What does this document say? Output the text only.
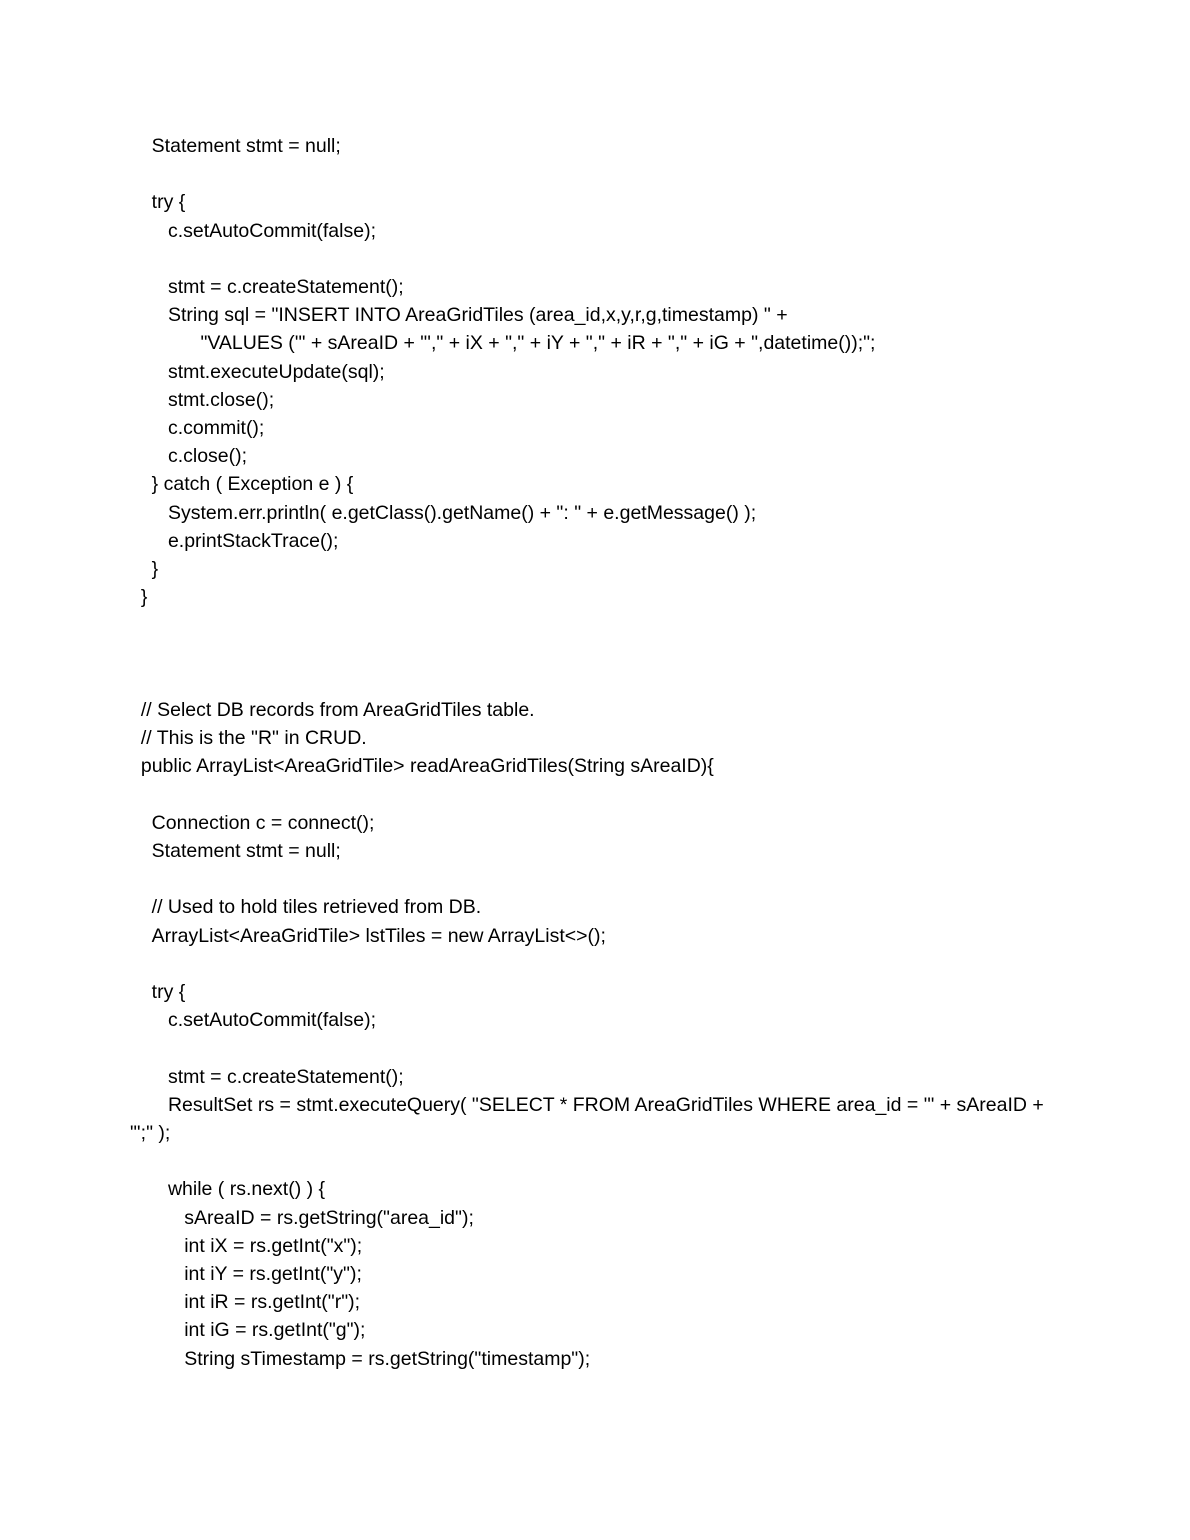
Statement stmt = null;
try {
c.setAutoCommit(false);
stmt = c.createStatement();
String sql = "INSERT INTO AreaGridTiles (area_id,x,y,r,g,timestamp) " +
"VALUES ('" + sAreaID + "'," + iX + "," + iY + "," + iR + "," + iG + ",datetime());";
stmt.executeUpdate(sql);
stmt.close();
c.commit();
c.close();
} catch ( Exception e ) {
System.err.println( e.getClass().getName() + ": " + e.getMessage() );
e.printStackTrace();
}
}
// Select DB records from AreaGridTiles table.
// This is the "R" in CRUD.
public ArrayList<AreaGridTile> readAreaGridTiles(String sAreaID){
Connection c = connect();
Statement stmt = null;
// Used to hold tiles retrieved from DB.
ArrayList<AreaGridTile> lstTiles = new ArrayList<>();
try {
c.setAutoCommit(false);
stmt = c.createStatement();
ResultSet rs = stmt.executeQuery( "SELECT * FROM AreaGridTiles WHERE area_id = '" + sAreaID + "';" );
while ( rs.next() ) {
sAreaID = rs.getString("area_id");
int iX = rs.getInt("x");
int iY = rs.getInt("y");
int iR = rs.getInt("r");
int iG = rs.getInt("g");
String sTimestamp = rs.getString("timestamp");
